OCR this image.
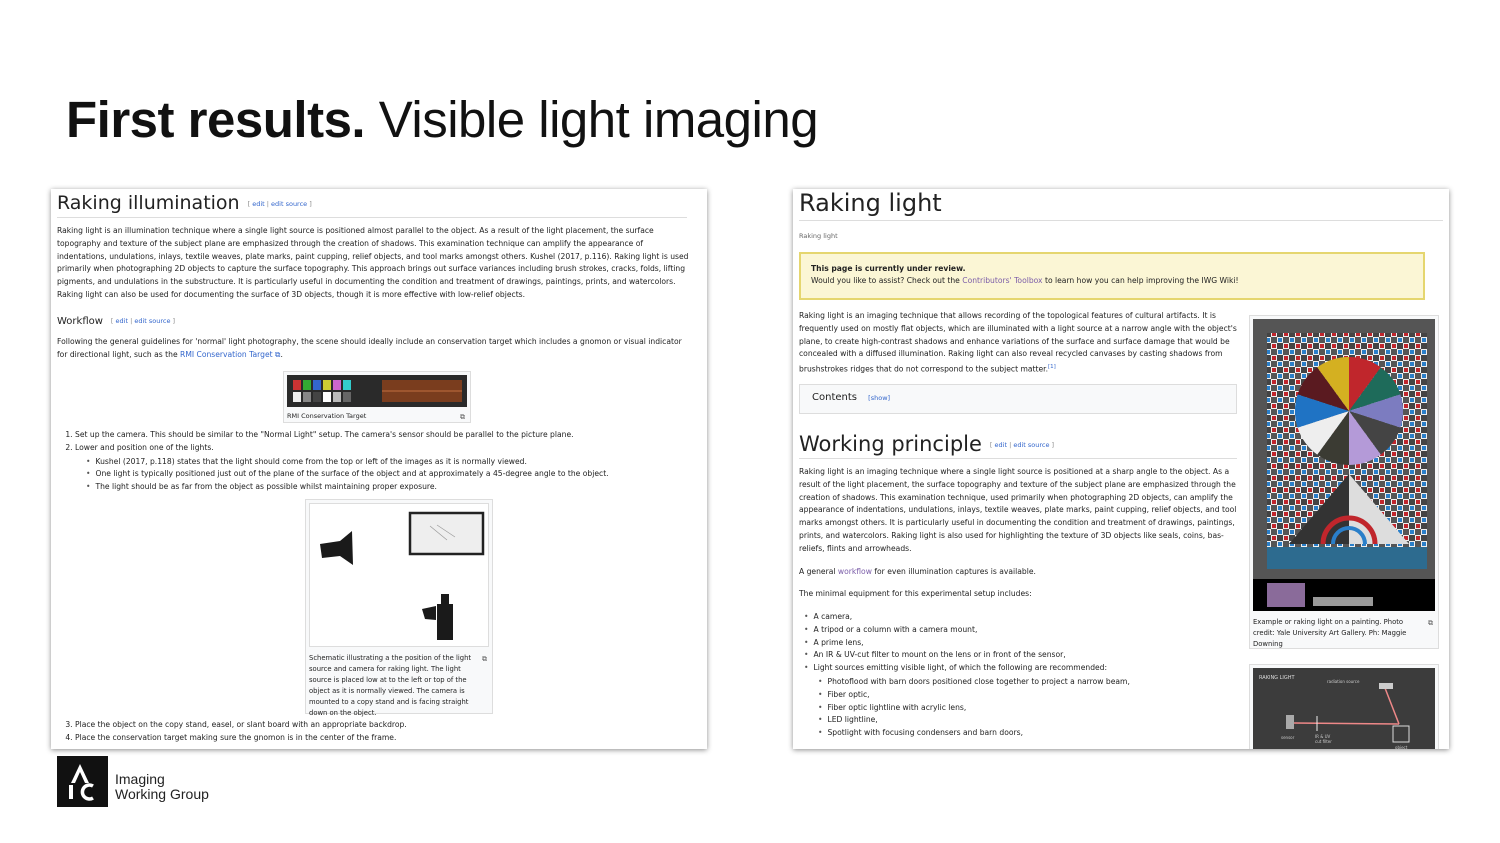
First results. Visible light imaging
Raking illumination [ edit | edit source ]

Raking light is an illumination technique where a single light source is positioned almost parallel to the object. As a result of the light placement, the surface topography and texture of the subject plane are emphasized through the creation of shadows. This examination technique can amplify the appearance of indentations, undulations, inlays, textile weaves, plate marks, paint cupping, relief objects, and tool marks amongst others. Kushel (2017, p.116). Raking light is used primarily when photographing 2D objects to capture the surface topography. This approach brings out surface variances including brush strokes, cracks, folds, lifting pigments, and undulations in the substructure. It is particularly useful in documenting the condition and treatment of drawings, paintings, prints, and watercolors. Raking light can also be used for documenting the surface of 3D objects, though it is more effective with low-relief objects.

Workflow [ edit | edit source ]

Following the general guidelines for 'normal' light photography, the scene should ideally include an conservation target which includes a gnomon or visual indicator for directional light, such as the RMI Conservation Target ⧉.

RMI Conservation Target	⧉
1. Set up the camera. This should be similar to the "Normal Light" setup. The camera's sensor should be parallel to the picture plane.
2. Lower and position one of the lights.
• Kushel (2017, p.118) states that the light should come from the top or left of the images as it is normally viewed.
• One light is typically positioned just out of the plane of the surface of the object and at approximately a 45-degree angle to the object.
• The light should be as far from the object as possible whilst maintaining proper exposure.
Schematic illustrating a the position of the light source and camera for raking light. The light source is placed low at to the left or top of the object as it is normally viewed. The camera is mounted to a copy stand and is facing straight down on the object.
⧉
3. Place the object on the copy stand, easel, or slant board with an appropriate backdrop.
4. Place the conservation target making sure the gnomon is in the center of the frame.
Raking light
Raking light

This page is currently under review.

Would you like to assist? Check out the Contributors' Toolbox to learn how you can help improving the IWG Wiki!

Raking light is an imaging technique that allows recording of the topological features of cultural artifacts. It is frequently used on mostly flat objects, which are illuminated with a light source at a narrow angle with the object's plane, to create high-contrast shadows and enhance variations of the surface and surface damage that would be concealed with a diffused illumination. Raking light can also reveal recycled canvases by casting shadows from brushstrokes ridges that do not correspond to the subject matter.[1]

Contents [show]
Working principle [ edit | edit source ]

Raking light is an imaging technique where a single light source is positioned at a sharp angle to the object. As a result of the light placement, the surface topography and texture of the subject plane are emphasized through the creation of shadows. This examination technique, used primarily when photographing 2D objects, can amplify the appearance of indentations, undulations, inlays, textile weaves, plate marks, paint cupping, relief objects, and tool marks amongst others. It is particularly useful in documenting the condition and treatment of drawings, paintings, prints, and watercolors. Raking light is also used for highlighting the texture of 3D objects like seals, coins, bas-reliefs, flints and arrowheads.

A general workflow for even illumination captures is available.

The minimal equipment for this experimental setup includes:

• A camera,
• A tripod or a column with a camera mount,
• A prime lens,
• An IR & UV-cut filter to mount on the lens or in front of the sensor,
• Light sources emitting visible light, of which the following are recommended:
• Photoflood with barn doors positioned close together to project a narrow beam,
• Fiber optic,
• Fiber optic lightline with acrylic lens,
• LED lightline,
• Spotlight with focusing condensers and barn doors,
Example or raking light on a painting. Photo credit: Yale University Art Gallery. Ph: Maggie Downing
⧉
RAKING LIGHT
radiation source
sensor	IR & UV cut filter
object
Imaging
Working Group
